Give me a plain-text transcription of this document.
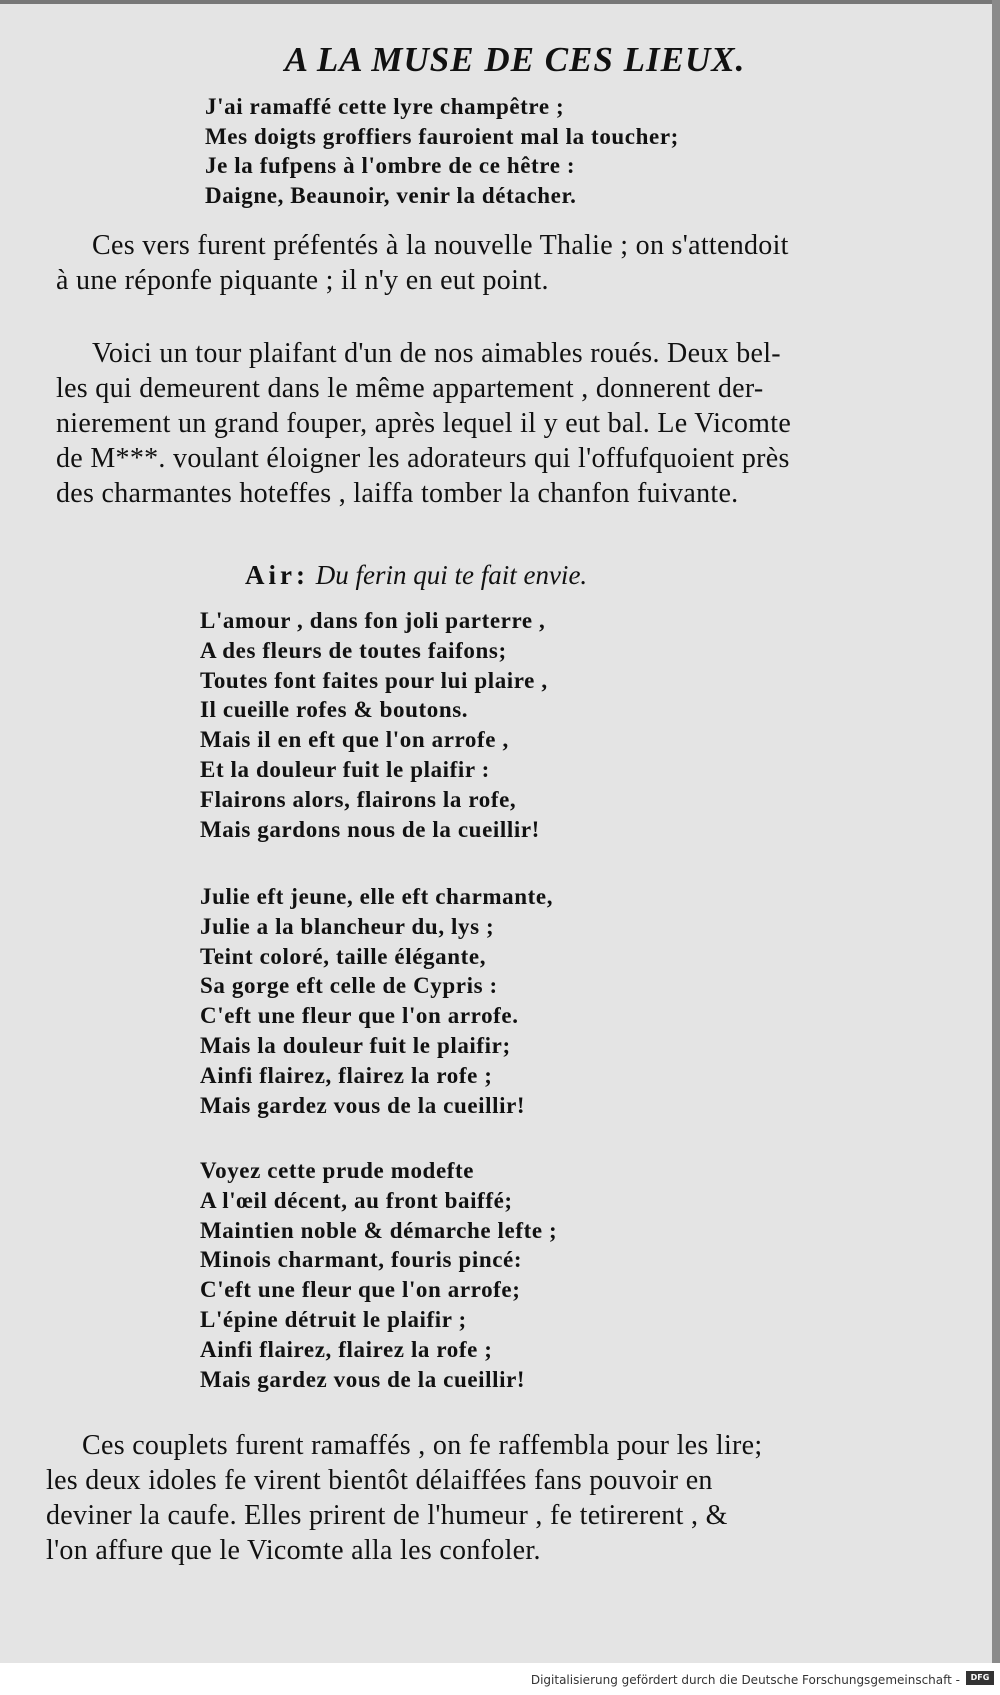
A LA MUSE DE CES LIEUX.
J'ai ramaffé cette lyre champêtre ;
Mes doigts groffiers fauroient mal la toucher;
Je la fufpens à l'ombre de ce hêtre :
Daigne, Beaunoir, venir la détacher.
Ces vers furent préfentés à la nouvelle Thalie ; on s'attendoit
à une réponfe piquante ; il n'y en eut point.
Voici un tour plaifant d'un de nos aimables roués. Deux bel-
les qui demeurent dans le même appartement , donnerent der-
nierement un grand fouper, après lequel il y eut bal. Le Vicomte
de M***. voulant éloigner les adorateurs qui l'offufquoient près
des charmantes hoteffes , laiffa tomber la chanfon fuivante.
Air: Du ferin qui te fait envie.
L'amour , dans fon joli parterre ,
A des fleurs de toutes faifons;
Toutes font faites pour lui plaire ,
Il cueille rofes & boutons.
Mais il en eft que l'on arrofe ,
Et la douleur fuit le plaifir :
Flairons alors, flairons la rofe,
Mais gardons nous de la cueillir!
Julie eft jeune, elle eft charmante,
Julie a la blancheur du, lys ;
Teint coloré, taille élégante,
Sa gorge eft celle de Cypris :
C'eft une fleur que l'on arrofe.
Mais la douleur fuit le plaifir;
Ainfi flairez, flairez la rofe ;
Mais gardez vous de la cueillir!
Voyez cette prude modefte
A l'œil décent, au front baiffé;
Maintien noble & démarche lefte ;
Minois charmant, fouris pincé:
C'eft une fleur que l'on arrofe;
L'épine détruit le plaifir ;
Ainfi flairez, flairez la rofe ;
Mais gardez vous de la cueillir!
Ces couplets furent ramaffés , on fe raffembla pour les lire;
les deux idoles fe virent bientôt délaiffées fans pouvoir en
deviner la caufe. Elles prirent de l'humeur , fe tetirerent , &
l'on affure que le Vicomte alla les confoler.
Digitalisierung gefördert durch die Deutsche Forschungsgemeinschaft -	DFG
